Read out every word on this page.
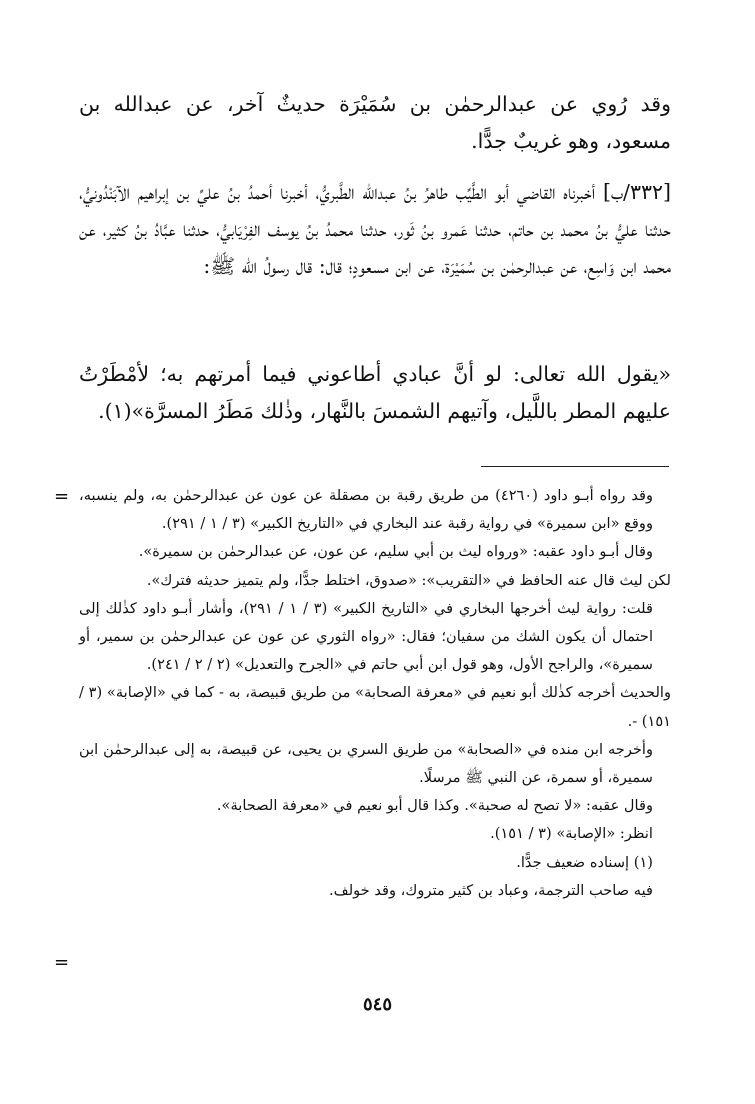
وقد رُوي عن عبدالرحمٰن بن سُمَيْرَة حديثٌ آخر، عن عبدالله بن مسعود، وهو غريبٌ جدًّا.

[٣٣٢/ب] أخبرناه القاضي أبو الطَّيِّب طاهرُ بنُ عبدالله الطَّبريُّ، أخبرنا أحمدُ بنُ عليِّ بن إبراهيم الآبَنْدُونيُّ، حدثنا عليُّ بنُ محمد بن حاتم، حدثنا عَمرو بنُ ثَور، حدثنا محمدُ بنُ يوسف الفِرْيَابيُّ، حدثنا عبَّادُ بنُ كثير، عن محمد ابن وَاسِع، عن عبدالرحمٰن بن سُمَيْرَة، عن ابن مسعودٍ؛ قال: قال رسولُ الله ﷺ:

«يقول الله تعالى: لو أنَّ عبادي أطاعوني فيما أمرتهم به؛ لأمْطَرْتُ عليهم المطر باللَّيل، وآتيهم الشمسَ بالنَّهار، وذٰلك مَطَرُ المسرَّة»(١).

= وقد رواه أبـو داود (٤٢٦٠) من طريق رقبة بن مصقلة عن عون عن عبدالرحمٰن به، ولم ينسبه، ووقع «ابن سميرة» في رواية رقبة عند البخاري في «التاريخ الكبير» (٣ / ١ / ٢٩١).

وقال أبـو داود عقبه: «ورواه ليث بن أبي سليم، عن عون، عن عبدالرحمٰن بن سميرة».

لكن ليث قال عنه الحافظ في «التقريب»: «صدوق، اختلط جدًّا، ولم يتميز حديثه فترك».

قلت: رواية ليث أخرجها البخاري في «التاريخ الكبير» (٣ / ١ / ٢٩١)، وأشار أبـو داود كذٰلك إلى احتمال أن يكون الشك من سفيان؛ فقال: «رواه الثوري عن عون عن عبدالرحمٰن بن سمير، أو سميرة»، والراجح الأول، وهو قول ابن أبي حاتم في «الجرح والتعديل» (٢ / ٢ / ٢٤١).

والحديث أخرجه كذٰلك أبو نعيم في «معرفة الصحابة» من طريق قبيصة، به - كما في «الإصابة» (٣ / ١٥١) -.

وأخرجه ابن منده في «الصحابة» من طريق السري بن يحيى، عن قبيصة، به إلى عبدالرحمٰن ابن سميرة، أو سمرة، عن النبي ﷺ مرسلًا.

وقال عقبه: «لا تصح له صحبة». وكذا قال أبو نعيم في «معرفة الصحابة».

انظر: «الإصابة» (٣ / ١٥١).

(١) إسناده ضعيف جدًّا.

فيه صاحب الترجمة، وعباد بن كثير متروك، وقد خولف.

=
٥٤٥
